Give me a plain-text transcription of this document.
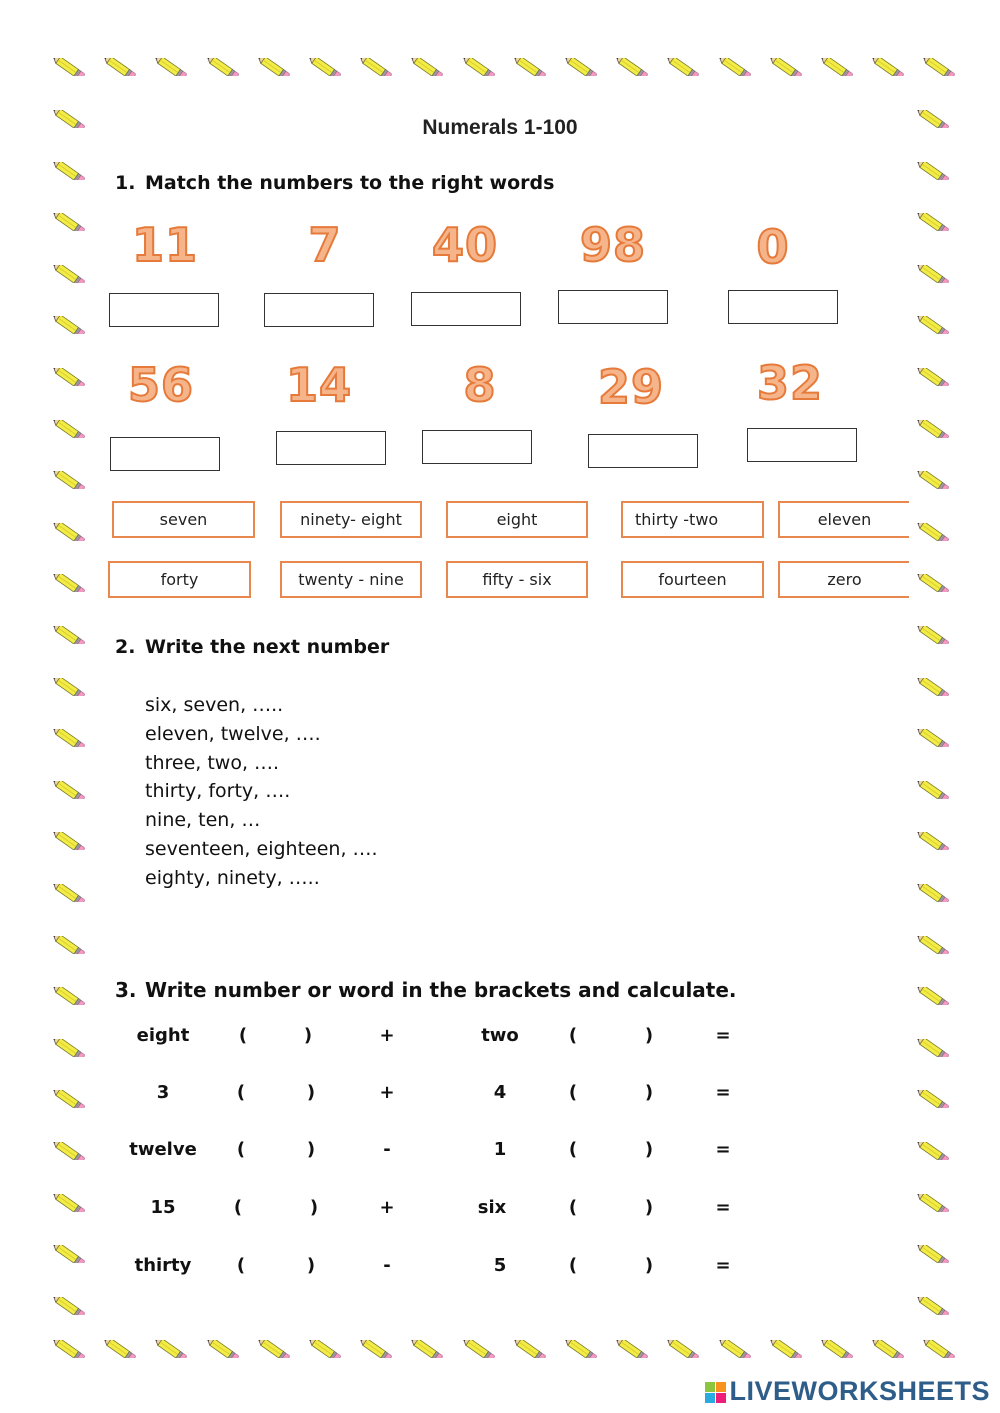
Numerals 1-100
1. Match the numbers to the right words
11	7	40	98	0
56	14	8	29	32
seven	ninety- eight	eight	thirty -two	eleven
forty	twenty - nine	fifty - six	fourteen	zero
2. Write the next number
six, seven, …..
eleven, twelve, ….
three, two, ….
thirty, forty, ….
nine, ten, …
seventeen, eighteen, ….
eighty, ninety, …..
3. Write number or word in the brackets and calculate.
eight	(	)	+	two	(	)	=
3	(	)	+	4	(	)	=
twelve	(	)	-	1	(	)	=
15	(	)	+	six	(	)	=
thirty	(	)	-	5	(	)	=
LIVEWORKSHEETS
